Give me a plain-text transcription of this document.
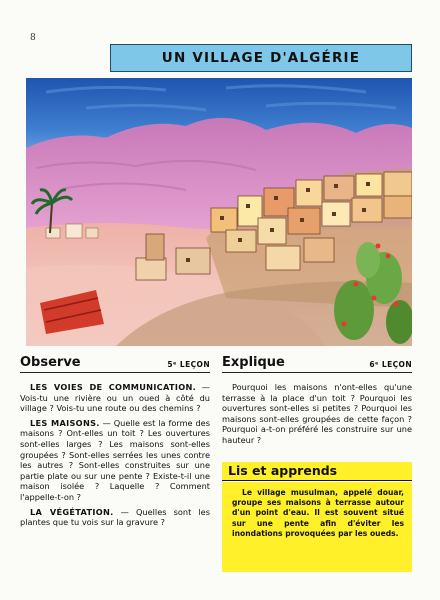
8
UN VILLAGE D'ALGÉRIE
Observe	5ᵉ LEÇON Explique	6ᵉ LEÇON

LES VOIES DE COMMUNICATION. — Vois-tu une rivière ou un oued à côté du village ? Vois-tu une route ou des chemins ?

LES MAISONS. — Quelle est la forme des maisons ? Ont-elles un toit ? Les ouvertures sont-elles larges ? Les maisons sont-elles groupées ? Sont-elles serrées les unes contre les autres ? Sont-elles construites sur une partie plate ou sur une pente ? Existe-t-il une maison isolée ? Laquelle ? Comment l'appelle-t-on ?

LA VÉGÉTATION. — Quelles sont les plantes que tu vois sur la gravure ?

Pourquoi les maisons n'ont-elles qu'une terrasse à la place d'un toit ? Pourquoi les ouvertures sont-elles si petites ? Pourquoi les maisons sont-elles groupées de cette façon ? Pourquoi a-t-on préféré les construire sur une hauteur ?

Lis et apprends
Le village musulman, appelé douar, groupe ses maisons à terrasse autour d'un point d'eau. Il est souvent situé sur une pente afin d'éviter les inondations provoquées par les oueds.
